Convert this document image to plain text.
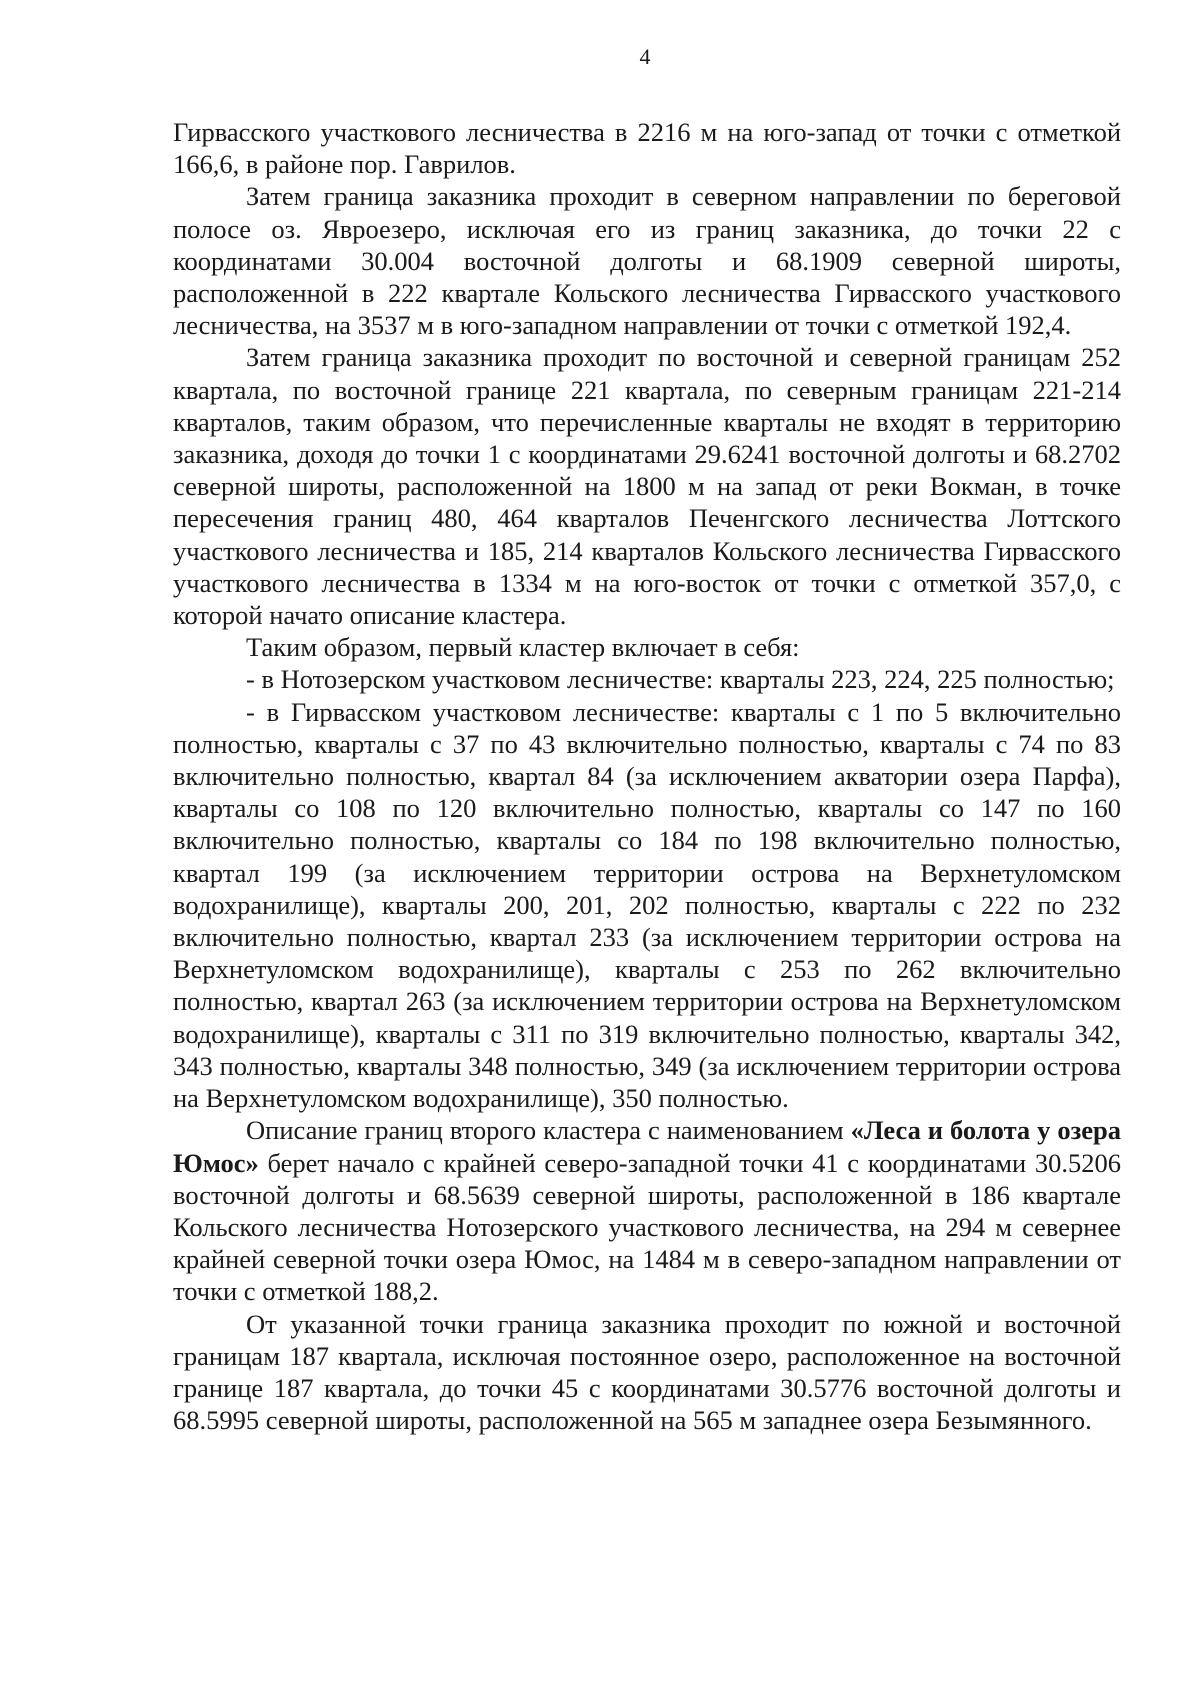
4

Гирвасского участкового лесничества в 2216 м на юго-запад от точки с отметкой 166,6, в районе пор. Гаврилов.

Затем граница заказника проходит в северном направлении по береговой полосе оз. Явроезеро, исключая его из границ заказника, до точки 22 с координатами 30.004 восточной долготы и 68.1909 северной широты, расположенной в 222 квартале Кольского лесничества Гирвасского участкового лесничества, на 3537 м в юго-западном направлении от точки с отметкой 192,4.

Затем граница заказника проходит по восточной и северной границам 252 квартала, по восточной границе 221 квартала, по северным границам 221-214 кварталов, таким образом, что перечисленные кварталы не входят в территорию заказника, доходя до точки 1 с координатами 29.6241 восточной долготы и 68.2702 северной широты, расположенной на 1800 м на запад от реки Вокман, в точке пересечения границ 480, 464 кварталов Печенгского лесничества Лоттского участкового лесничества и 185, 214 кварталов Кольского лесничества Гирвасского участкового лесничества в 1334 м на юго-восток от точки с отметкой 357,0, с которой начато описание кластера.

Таким образом, первый кластер включает в себя:

- в Нотозерском участковом лесничестве: кварталы 223, 224, 225 полностью;

- в Гирвасском участковом лесничестве: кварталы с 1 по 5 включительно полностью, кварталы с 37 по 43 включительно полностью, кварталы с 74 по 83 включительно полностью, квартал 84 (за исключением акватории озера Парфа), кварталы со 108 по 120 включительно полностью, кварталы со 147 по 160 включительно полностью, кварталы со 184 по 198 включительно полностью, квартал 199 (за исключением территории острова на Верхнетуломском водохранилище), кварталы 200, 201, 202 полностью, кварталы с 222 по 232 включительно полностью, квартал 233 (за исключением территории острова на Верхнетуломском водохранилище), кварталы с 253 по 262 включительно полностью, квартал 263 (за исключением территории острова на Верхнетуломском водохранилище), кварталы с 311 по 319 включительно полностью, кварталы 342, 343 полностью, кварталы 348 полностью, 349 (за исключением территории острова на Верхнетуломском водохранилище), 350 полностью.

Описание границ второго кластера с наименованием «Леса и болота у озера Юмос» берет начало с крайней северо-западной точки 41 с координатами 30.5206 восточной долготы и 68.5639 северной широты, расположенной в 186 квартале Кольского лесничества Нотозерского участкового лесничества, на 294 м севернее крайней северной точки озера Юмос, на 1484 м в северо-западном направлении от точки с отметкой 188,2.

От указанной точки граница заказника проходит по южной и восточной границам 187 квартала, исключая постоянное озеро, расположенное на восточной границе 187 квартала, до точки 45 с координатами 30.5776 восточной долготы и 68.5995 северной широты, расположенной на 565 м западнее озера Безымянного.
